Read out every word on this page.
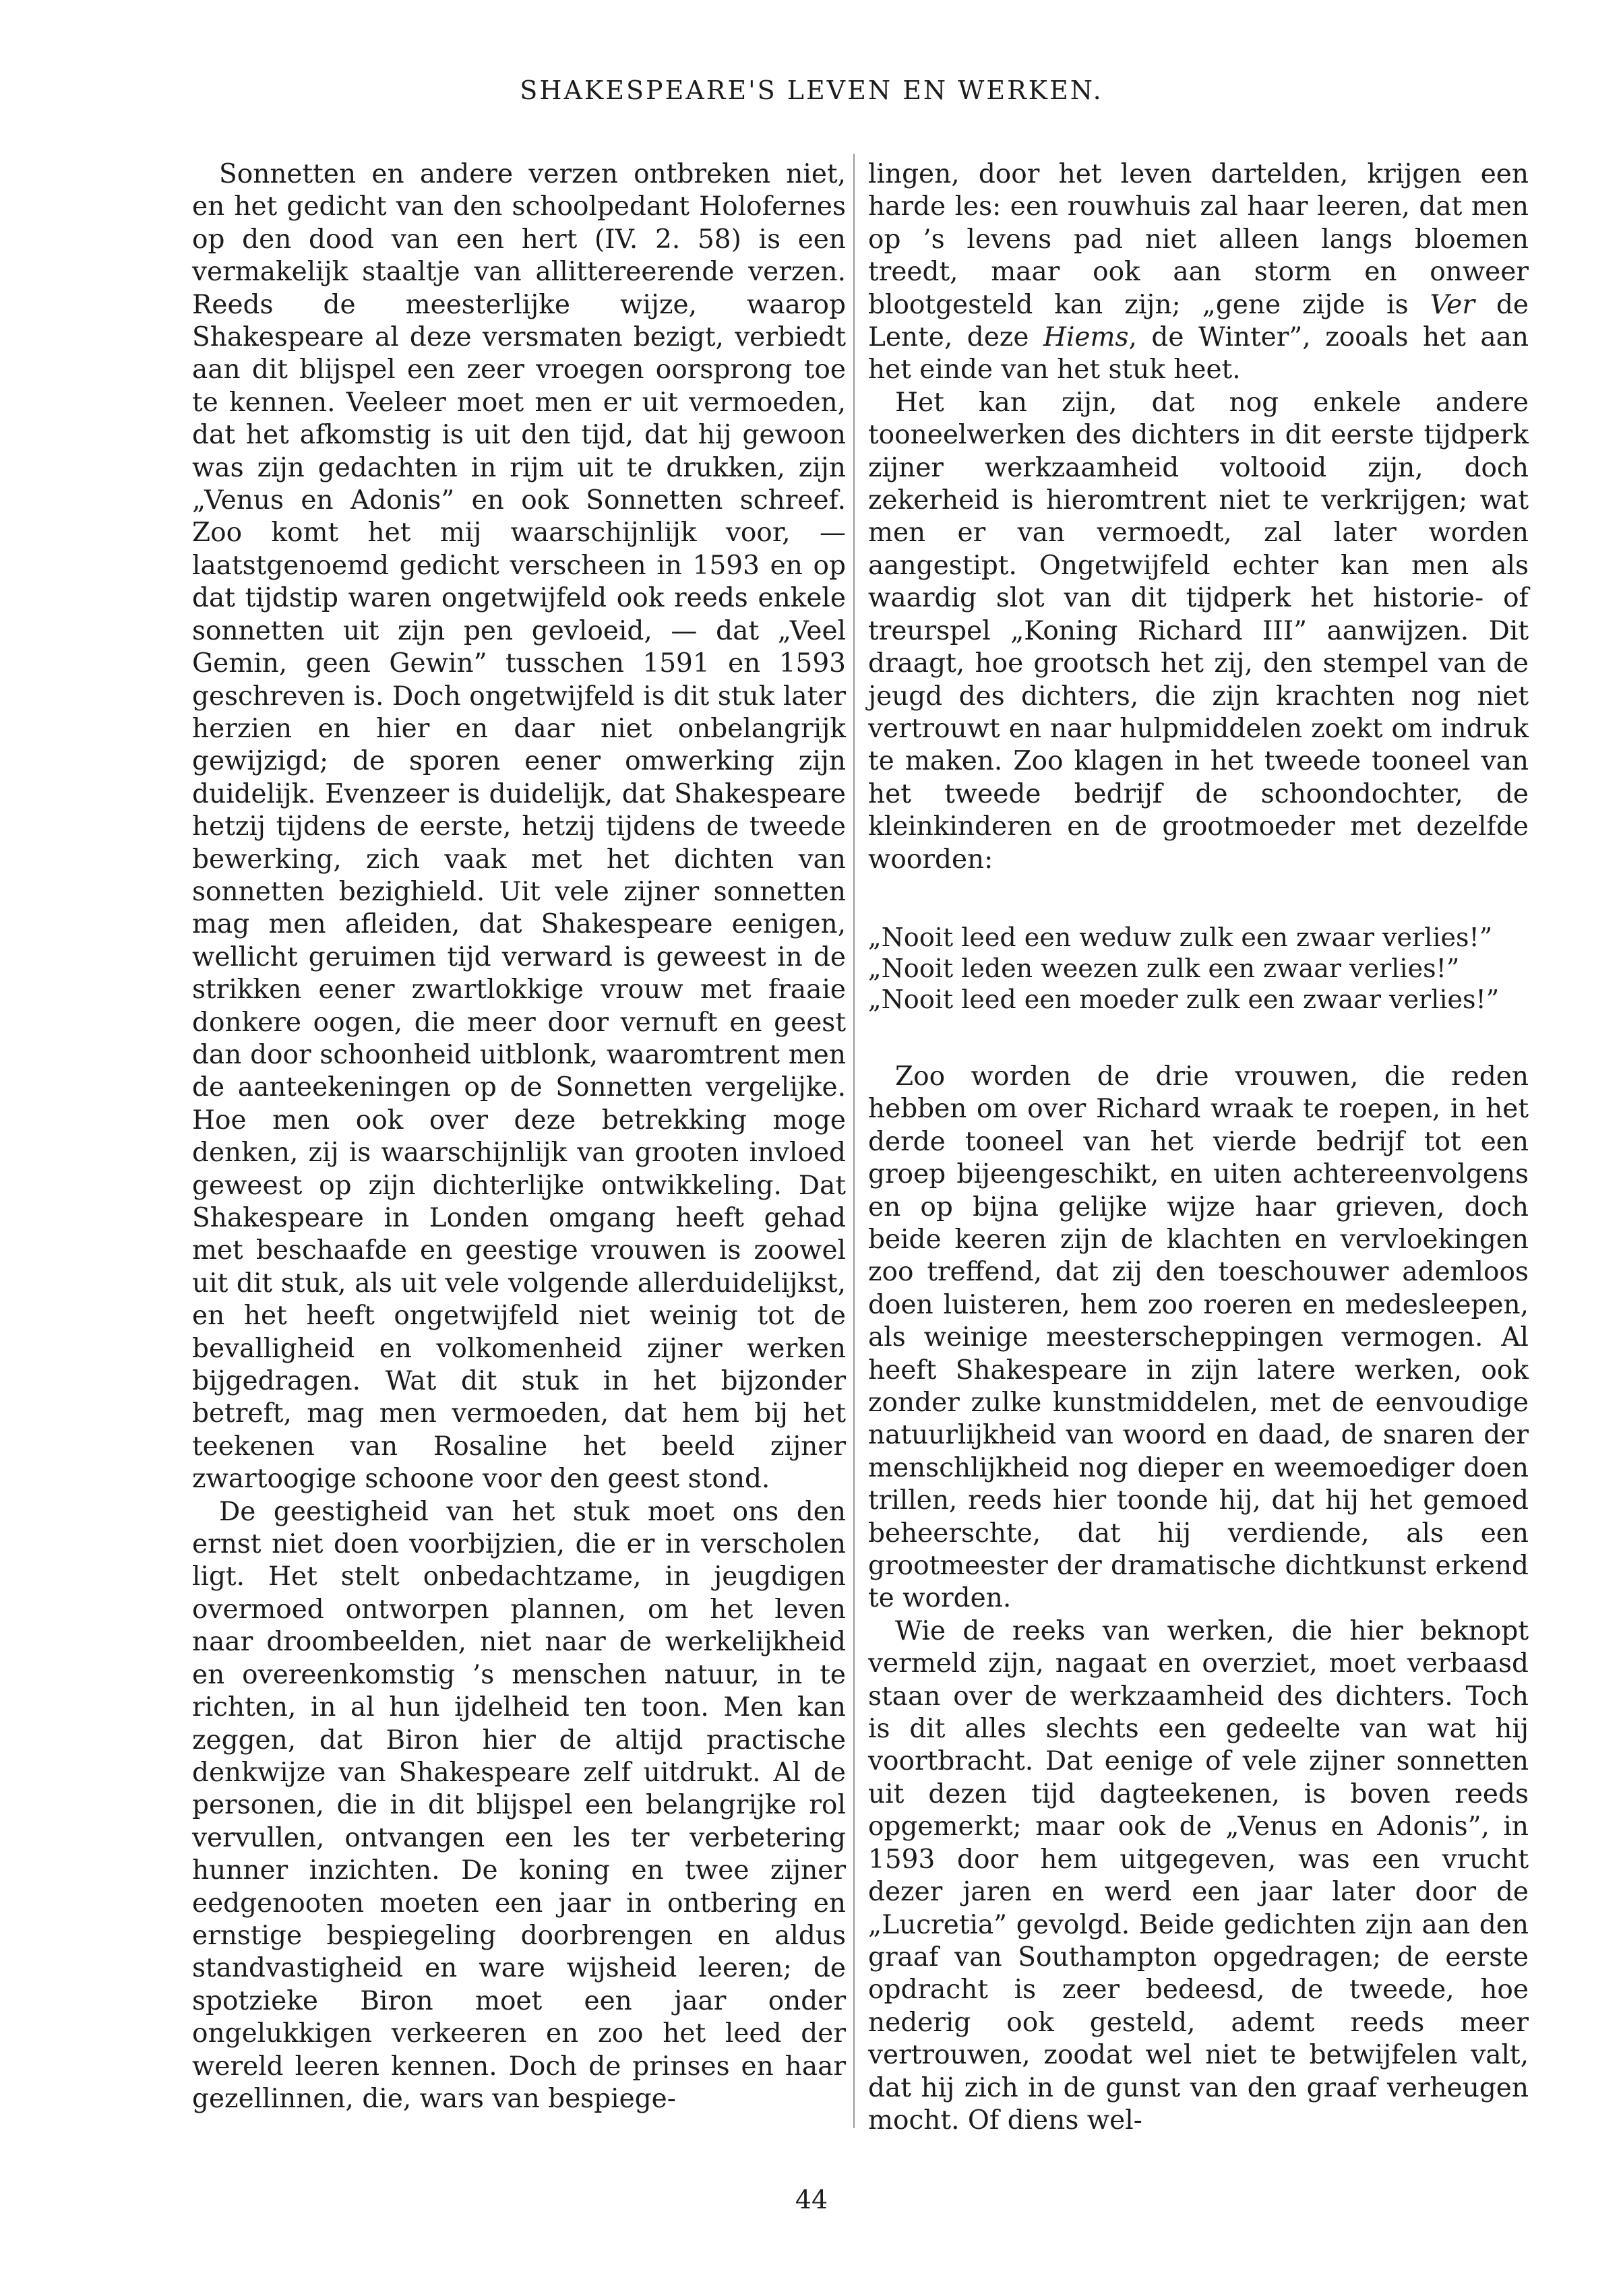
SHAKESPEARE'S LEVEN EN WERKEN.

Sonnetten en andere verzen ontbreken niet, en het gedicht van den schoolpedant Holofernes op den dood van een hert (IV. 2. 58) is een vermakelijk staaltje van allittereerende verzen. Reeds de meesterlijke wijze, waarop Shakespeare al deze versmaten bezigt, verbiedt aan dit blijspel een zeer vroegen oorsprong toe te kennen. Veeleer moet men er uit vermoeden, dat het afkomstig is uit den tijd, dat hij gewoon was zijn gedachten in rijm uit te drukken, zijn „Venus en Adonis” en ook Sonnetten schreef. Zoo komt het mij waarschijnlijk voor, — laatstgenoemd gedicht verscheen in 1593 en op dat tijdstip waren ongetwijfeld ook reeds enkele sonnetten uit zijn pen gevloeid, — dat „Veel Gemin, geen Gewin” tusschen 1591 en 1593 geschreven is. Doch ongetwijfeld is dit stuk later herzien en hier en daar niet onbelangrijk gewijzigd; de sporen eener omwerking zijn duidelijk. Evenzeer is duidelijk, dat Shakespeare hetzij tijdens de eerste, hetzij tijdens de tweede bewerking, zich vaak met het dichten van sonnetten bezighield. Uit vele zijner sonnetten mag men afleiden, dat Shakespeare eenigen, wellicht geruimen tijd verward is geweest in de strikken eener zwartlokkige vrouw met fraaie donkere oogen, die meer door vernuft en geest dan door schoonheid uitblonk, waaromtrent men de aanteekeningen op de Sonnetten vergelijke. Hoe men ook over deze betrekking moge denken, zij is waarschijnlijk van grooten invloed geweest op zijn dichterlijke ontwikkeling. Dat Shakespeare in Londen omgang heeft gehad met beschaafde en geestige vrouwen is zoowel uit dit stuk, als uit vele volgende allerduidelijkst, en het heeft ongetwijfeld niet weinig tot de bevalligheid en volkomenheid zijner werken bijgedragen. Wat dit stuk in het bijzonder betreft, mag men vermoeden, dat hem bij het teekenen van Rosaline het beeld zijner zwartoogige schoone voor den geest stond.

De geestigheid van het stuk moet ons den ernst niet doen voorbijzien, die er in verscholen ligt. Het stelt onbedachtzame, in jeugdigen overmoed ontworpen plannen, om het leven naar droombeelden, niet naar de werkelijkheid en overeenkomstig ’s menschen natuur, in te richten, in al hun ijdelheid ten toon. Men kan zeggen, dat Biron hier de altijd practische denkwijze van Shakespeare zelf uitdrukt. Al de personen, die in dit blijspel een belangrijke rol vervullen, ontvangen een les ter verbetering hunner inzichten. De koning en twee zijner eedgenooten moeten een jaar in ontbering en ernstige bespiegeling doorbrengen en aldus standvastigheid en ware wijsheid leeren; de spotzieke Biron moet een jaar onder ongelukkigen verkeeren en zoo het leed der wereld leeren kennen. Doch de prinses en haar gezellinnen, die, wars van bespiege-

lingen, door het leven dartelden, krijgen een harde les: een rouwhuis zal haar leeren, dat men op ’s levens pad niet alleen langs bloemen treedt, maar ook aan storm en onweer blootgesteld kan zijn; „gene zijde is Ver de Lente, deze Hiems, de Winter”, zooals het aan het einde van het stuk heet.

Het kan zijn, dat nog enkele andere tooneelwerken des dichters in dit eerste tijdperk zijner werkzaamheid voltooid zijn, doch zekerheid is hieromtrent niet te verkrijgen; wat men er van vermoedt, zal later worden aangestipt. Ongetwijfeld echter kan men als waardig slot van dit tijdperk het historie- of treurspel „Koning Richard III” aanwijzen. Dit draagt, hoe grootsch het zij, den stempel van de jeugd des dichters, die zijn krachten nog niet vertrouwt en naar hulpmiddelen zoekt om indruk te maken. Zoo klagen in het tweede tooneel van het tweede bedrijf de schoondochter, de kleinkinderen en de grootmoeder met dezelfde woorden:

„Nooit leed een weduw zulk een zwaar verlies!”
„Nooit leden weezen zulk een zwaar verlies!”
„Nooit leed een moeder zulk een zwaar verlies!”

Zoo worden de drie vrouwen, die reden hebben om over Richard wraak te roepen, in het derde tooneel van het vierde bedrijf tot een groep bijeengeschikt, en uiten achtereenvolgens en op bijna gelijke wijze haar grieven, doch beide keeren zijn de klachten en vervloekingen zoo treffend, dat zij den toeschouwer ademloos doen luisteren, hem zoo roeren en medesleepen, als weinige meesterscheppingen vermogen. Al heeft Shakespeare in zijn latere werken, ook zonder zulke kunstmiddelen, met de eenvoudige natuurlijkheid van woord en daad, de snaren der menschlijkheid nog dieper en weemoediger doen trillen, reeds hier toonde hij, dat hij het gemoed beheerschte, dat hij verdiende, als een grootmeester der dramatische dichtkunst erkend te worden.

Wie de reeks van werken, die hier beknopt vermeld zijn, nagaat en overziet, moet verbaasd staan over de werkzaamheid des dichters. Toch is dit alles slechts een gedeelte van wat hij voortbracht. Dat eenige of vele zijner sonnetten uit dezen tijd dagteekenen, is boven reeds opgemerkt; maar ook de „Venus en Adonis”, in 1593 door hem uitgegeven, was een vrucht dezer jaren en werd een jaar later door de „Lucretia” gevolgd. Beide gedichten zijn aan den graaf van Southampton opgedragen; de eerste opdracht is zeer bedeesd, de tweede, hoe nederig ook gesteld, ademt reeds meer vertrouwen, zoodat wel niet te betwijfelen valt, dat hij zich in de gunst van den graaf verheugen mocht. Of diens wel-

44
